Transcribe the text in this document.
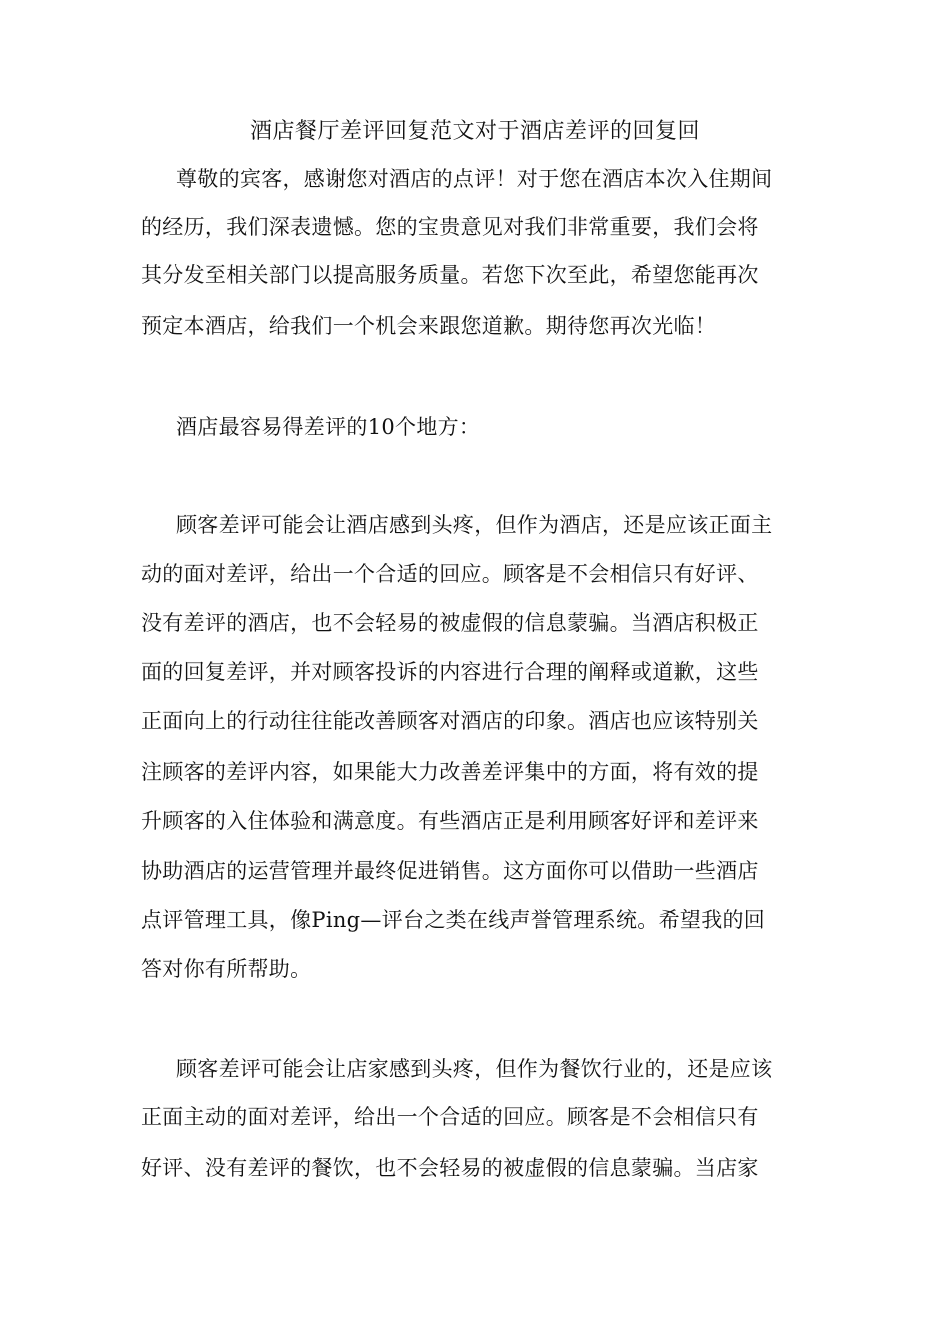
酒店餐厅差评回复范文对于酒店差评的回复回
尊敬的宾客，感谢您对酒店的点评！对于您在酒店本次入住期间
的经历，我们深表遗憾。您的宝贵意见对我们非常重要，我们会将
其分发至相关部门以提高服务质量。若您下次至此，希望您能再次
预定本酒店，给我们一个机会来跟您道歉。期待您再次光临！
酒店最容易得差评的10个地方：
顾客差评可能会让酒店感到头疼，但作为酒店，还是应该正面主
动的面对差评，给出一个合适的回应。顾客是不会相信只有好评、
没有差评的酒店，也不会轻易的被虚假的信息蒙骗。当酒店积极正
面的回复差评，并对顾客投诉的内容进行合理的阐释或道歉，这些
正面向上的行动往往能改善顾客对酒店的印象。酒店也应该特别关
注顾客的差评内容，如果能大力改善差评集中的方面，将有效的提
升顾客的入住体验和满意度。有些酒店正是利用顾客好评和差评来
协助酒店的运营管理并最终促进销售。这方面你可以借助一些酒店
点评管理工具，像Ping—评台之类在线声誉管理系统。希望我的回
答对你有所帮助。
顾客差评可能会让店家感到头疼，但作为餐饮行业的，还是应该
正面主动的面对差评，给出一个合适的回应。顾客是不会相信只有
好评、没有差评的餐饮，也不会轻易的被虚假的信息蒙骗。当店家
